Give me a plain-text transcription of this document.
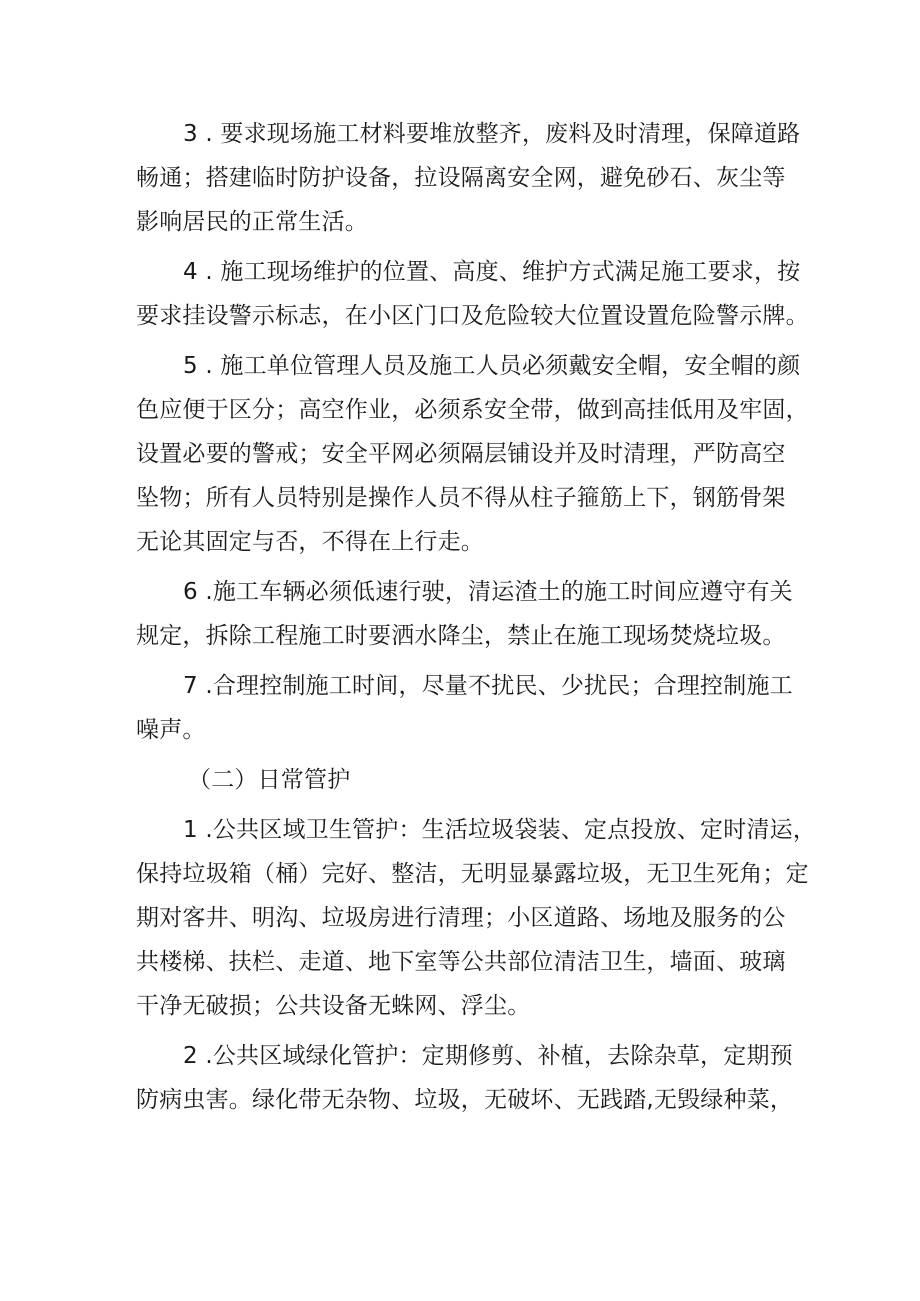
3 . 要求现场施工材料要堆放整齐，废料及时清理，保障道路
畅通；搭建临时防护设备，拉设隔离安全网，避免砂石、灰尘等
影响居民的正常生活。
4 . 施工现场维护的位置、高度、维护方式满足施工要求，按
要求挂设警示标志，在小区门口及危险较大位置设置危险警示牌。
5 . 施工单位管理人员及施工人员必须戴安全帽，安全帽的颜
色应便于区分；高空作业，必须系安全带，做到高挂低用及牢固，
设置必要的警戒；安全平网必须隔层铺设并及时清理，严防高空
坠物；所有人员特别是操作人员不得从柱子箍筋上下，钢筋骨架
无论其固定与否，不得在上行走。
6 .施工车辆必须低速行驶，清运渣土的施工时间应遵守有关
规定，拆除工程施工时要洒水降尘，禁止在施工现场焚烧垃圾。
7 .合理控制施工时间，尽量不扰民、少扰民；合理控制施工
噪声。
（二）日常管护
1 .公共区域卫生管护：生活垃圾袋装、定点投放、定时清运，
保持垃圾箱（桶）完好、整洁，无明显暴露垃圾，无卫生死角；定
期对客井、明沟、垃圾房进行清理；小区道路、场地及服务的公
共楼梯、扶栏、走道、地下室等公共部位清洁卫生，墙面、玻璃
干净无破损；公共设备无蛛网、浮尘。
2 .公共区域绿化管护：定期修剪、补植，去除杂草，定期预
防病虫害。绿化带无杂物、垃圾，无破坏、无践踏,无毁绿种菜，
